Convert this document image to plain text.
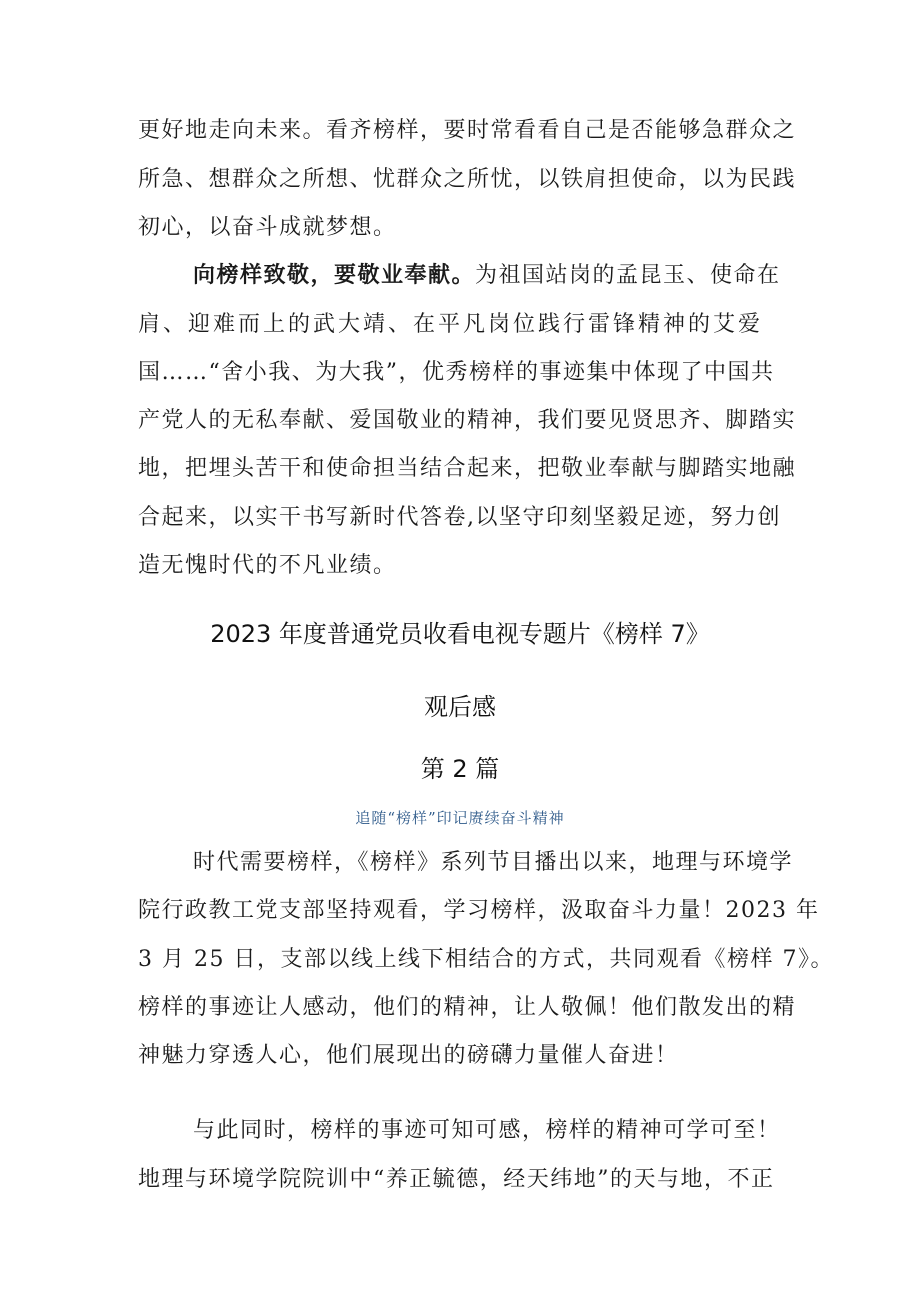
更好地走向未来。看齐榜样，要时常看看自己是否能够急群众之
所急、想群众之所想、忧群众之所忧，以铁肩担使命，以为民践
初心，以奋斗成就梦想。
向榜样致敬，要敬业奉献。为祖国站岗的孟昆玉、使命在
肩、迎难而上的武大靖、在平凡岗位践行雷锋精神的艾爱
国……“舍小我、为大我”，优秀榜样的事迹集中体现了中国共
产党人的无私奉献、爱国敬业的精神，我们要见贤思齐、脚踏实
地，把埋头苦干和使命担当结合起来，把敬业奉献与脚踏实地融
合起来，以实干书写新时代答卷,以坚守印刻坚毅足迹，努力创
造无愧时代的不凡业绩。
2023 年度普通党员收看电视专题片《榜样 7》
观后感
第 2 篇
追随“榜样”印记赓续奋斗精神
时代需要榜样，《榜样》系列节目播出以来，地理与环境学
院行政教工党支部坚持观看，学习榜样，汲取奋斗力量！2023 年
3 月 25 日，支部以线上线下相结合的方式，共同观看《榜样 7》。
榜样的事迹让人感动，他们的精神，让人敬佩！他们散发出的精
神魅力穿透人心，他们展现出的磅礴力量催人奋进！
与此同时，榜样的事迹可知可感，榜样的精神可学可至！
地理与环境学院院训中“养正毓德，经天纬地”的天与地，不正
